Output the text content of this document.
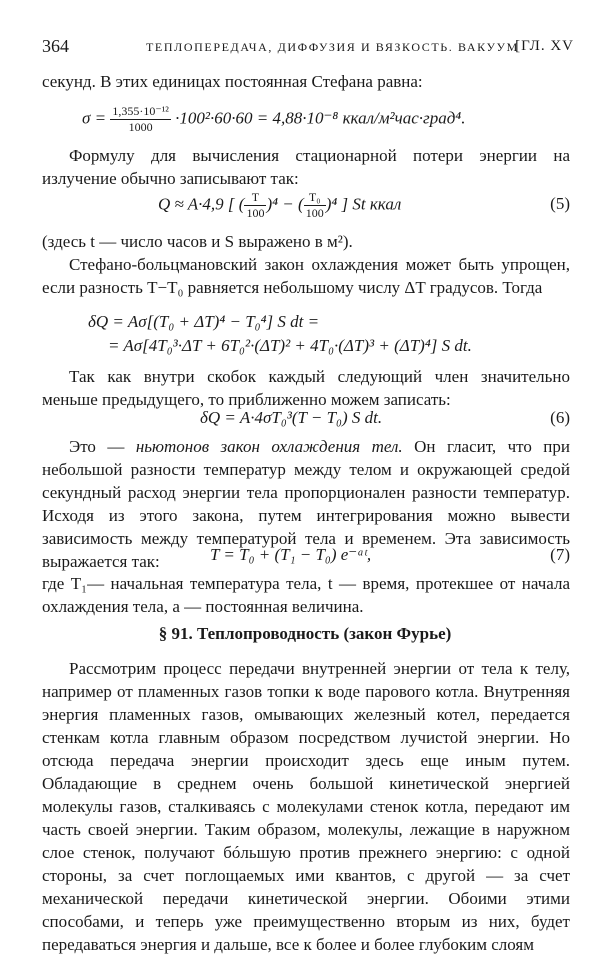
364	ТЕПЛОПЕРЕДАЧА, ДИФФУЗИЯ И ВЯЗКОСТЬ. ВАКУУМ
[ГЛ. XV
секунд. В этих единицах постоянная Стефана равна:
$\sigma = \frac{\text{1,355·10⁻¹²}}{1000} \cdot 100^2\cdot 60\cdot 60 = 4,88\cdot 10^{-8}$ ккал/м²час·град⁴.
Формулу для вычисления стационарной потери энергии на излучение обычно записывают так:
Q ≈ A·4,9 [ ( $\frac{T}{100} )^4$ − ( $\frac{\text{T₀}}{100} )^4$ ] St ккал	(5)
(здесь t — число часов и S выражено в м²).
Стефано-больцмановский закон охлаждения может быть упрощен, если разность T−T₀ равняется небольшому числу ΔT градусов. Тогда
δQ = Aσ[(T₀ + ΔT)⁴ − T₀⁴] S dt =
= Aσ[4T₀³·ΔT + 6T₀²·(ΔT)² + 4T₀·(ΔT)³ + (ΔT)⁴] S dt.
Так как внутри скобок каждый следующий член значительно меньше предыдущего, то приближенно можем записать:
δQ = A·4σT₀³(T − T₀) S dt.	(6)
Это — ньютонов закон охлаждения тел. Он гласит, что при небольшой разности температур между телом и окружающей средой секундный расход энергии тела пропорционален разности температур. Исходя из этого закона, путем интегрирования можно вывести зависимость между температурой тела и временем. Эта зависимость выражается так:	T = T₀ + (T₁ − T₀) e⁻ᵃᵗ,	(7)
где T₁— начальная температура тела, t — время, протекшее от начала охлаждения тела, a — постоянная величина.
§ 91. Теплопроводность (закон Фурье)
Рассмотрим процесс передачи внутренней энергии от тела к телу, например от пламенных газов топки к воде парового котла. Внутренняя энергия пламенных газов, омывающих железный котел, передается стенкам котла главным образом посредством лучистой энергии. Но отсюда передача энергии происходит здесь еще иным путем. Обладающие в среднем очень большой кинетической энергией молекулы газов, сталкиваясь с молекулами стенок котла, передают им часть своей энергии. Таким образом, молекулы, лежащие в наружном слое стенок, получают бóльшую против прежнего энергию: с одной стороны, за счет поглощаемых ими квантов, с другой — за счет механической передачи кинетической энергии. Обоими этими способами, и теперь уже преимущественно вторым из них, будет передаваться энергия и дальше, все к более и более глубоким слоям
